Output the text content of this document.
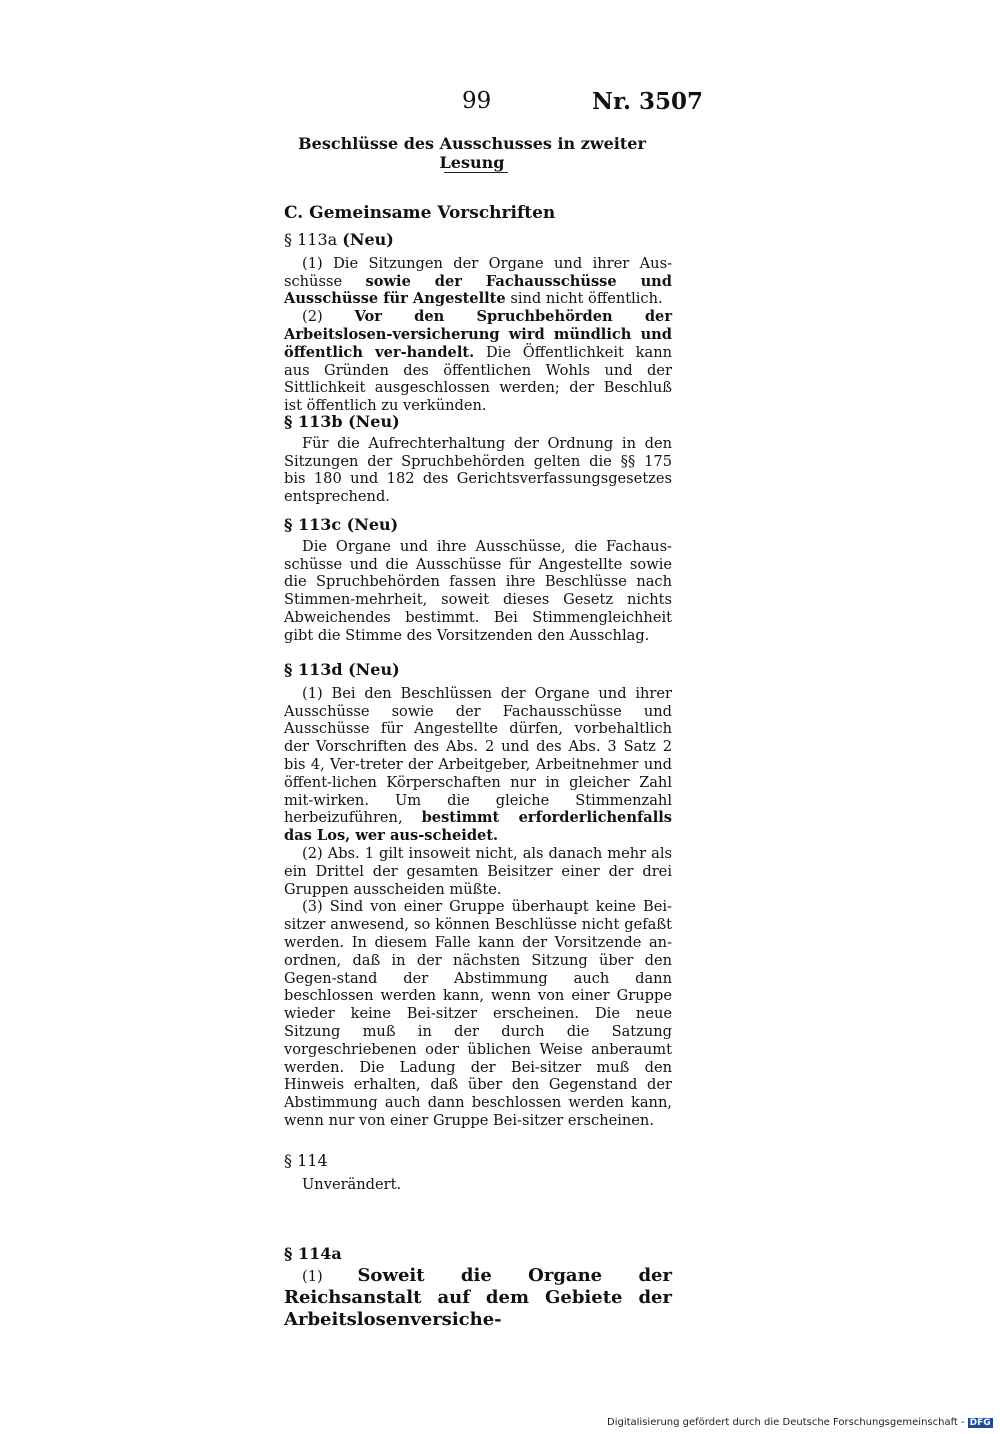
99	Nr. 3507
Beschlüsse des Ausschusses in zweiter Lesung

C. Gemeinsame Vorschriften

§ 113a (Neu)

(1) Die Sitzungen der Organe und ihrer Aus-schüsse sowie der Fachausschüsse und Ausschüsse für Angestellte sind nicht öffentlich.

(2) Vor den Spruchbehörden der Arbeitslosen-versicherung wird mündlich und öffentlich ver-handelt. Die Öffentlichkeit kann aus Gründen des öffentlichen Wohls und der Sittlichkeit ausgeschlossen werden; der Beschluß ist öffentlich zu verkünden.

§ 113b (Neu)

Für die Aufrechterhaltung der Ordnung in den Sitzungen der Spruchbehörden gelten die §§ 175 bis 180 und 182 des Gerichtsverfassungsgesetzes entsprechend.

§ 113c (Neu)

Die Organe und ihre Ausschüsse, die Fachaus-schüsse und die Ausschüsse für Angestellte sowie die Spruchbehörden fassen ihre Beschlüsse nach Stimmen-mehrheit, soweit dieses Gesetz nichts Abweichendes bestimmt. Bei Stimmengleichheit gibt die Stimme des Vorsitzenden den Ausschlag.

§ 113d (Neu)

(1) Bei den Beschlüssen der Organe und ihrer Ausschüsse sowie der Fachausschüsse und Ausschüsse für Angestellte dürfen, vorbehaltlich der Vorschriften des Abs. 2 und des Abs. 3 Satz 2 bis 4, Ver-treter der Arbeitgeber, Arbeitnehmer und öffent-lichen Körperschaften nur in gleicher Zahl mit-wirken. Um die gleiche Stimmenzahl herbeizuführen, bestimmt erforderlichenfalls das Los, wer aus-scheidet.

(2) Abs. 1 gilt insoweit nicht, als danach mehr als ein Drittel der gesamten Beisitzer einer der drei Gruppen ausscheiden müßte.

(3) Sind von einer Gruppe überhaupt keine Bei-sitzer anwesend, so können Beschlüsse nicht gefaßt werden. In diesem Falle kann der Vorsitzende an-ordnen, daß in der nächsten Sitzung über den Gegen-stand der Abstimmung auch dann beschlossen werden kann, wenn von einer Gruppe wieder keine Bei-sitzer erscheinen. Die neue Sitzung muß in der durch die Satzung vorgeschriebenen oder üblichen Weise anberaumt werden. Die Ladung der Bei-sitzer muß den Hinweis erhalten, daß über den Gegenstand der Abstimmung auch dann beschlossen werden kann, wenn nur von einer Gruppe Bei-sitzer erscheinen.

§ 114

Unverändert.

§ 114a

(1) Soweit die Organe der Reichsanstalt auf dem Gebiete der Arbeitslosenversiche-

Digitalisierung gefördert durch die Deutsche Forschungsgemeinschaft - DFG
